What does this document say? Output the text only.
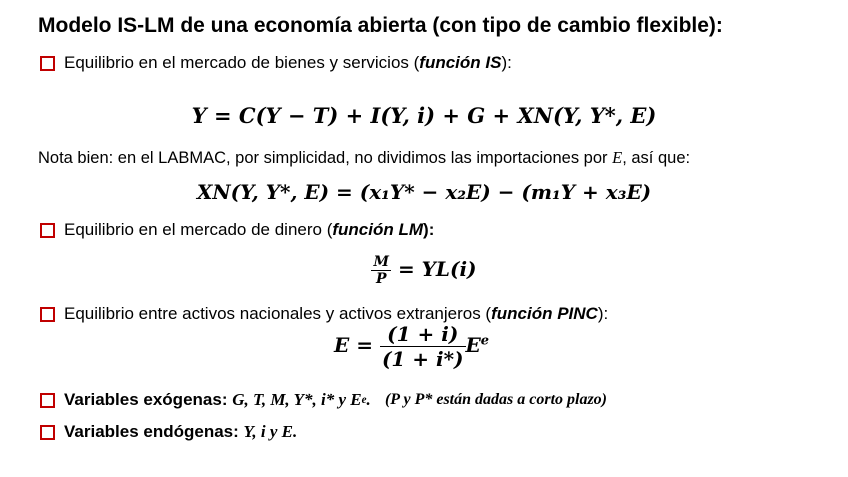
Modelo IS-LM de una economía abierta (con tipo de cambio flexible):
Equilibrio en el mercado de bienes y servicios ( función IS ):
Y = C(Y − T) + I(Y, i) + G + XN(Y, Y*, E)
Nota bien: en el LABMAC, por simplicidad, no dividimos las importaciones por E, así que:
XN(Y, Y*, E) = (x₁Y* − x₂E) − (m₁Y + x₃E)
Equilibrio en el mercado de dinero ( función LM ):
$\frac{M}{P} = YL(i)$
Equilibrio entre activos nacionales y activos extranjeros ( función PINC ):
$E = \frac{(1 + i)}{(1 + i*)} E^e$
Variables exógenas:
G, T, M, Y*, i* y E e .
(P y P* están dadas a corto plazo)
Variables endógenas:
Y, i y E.
